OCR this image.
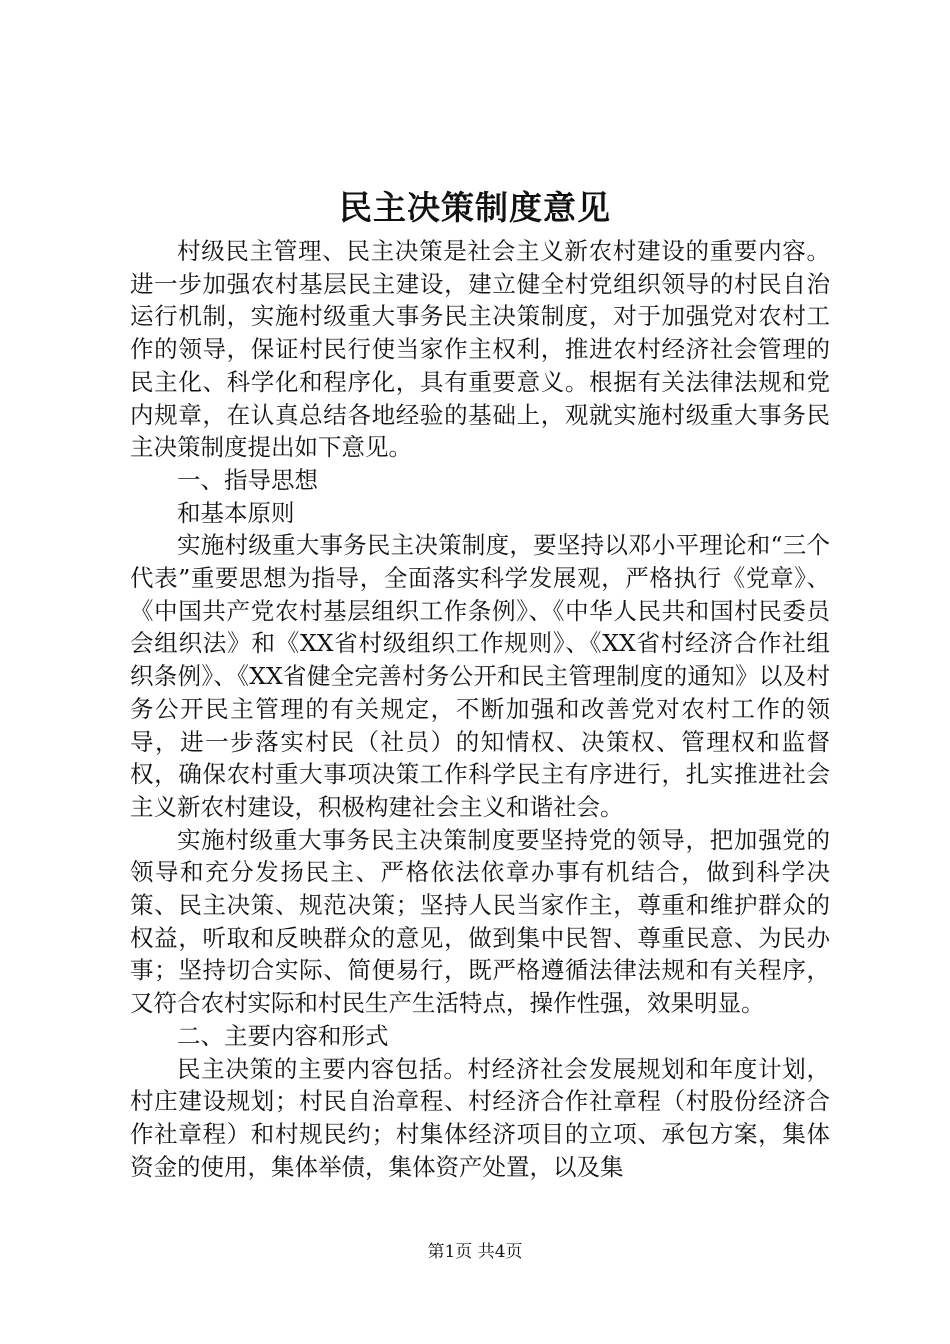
民主决策制度意见

村级民主管理、民主决策是社会主义新农村建设的重要内容。进一步加强农村基层民主建设，建立健全村党组织领导的村民自治运行机制，实施村级重大事务民主决策制度，对于加强党对农村工作的领导，保证村民行使当家作主权利，推进农村经济社会管理的民主化、科学化和程序化，具有重要意义。根据有关法律法规和党内规章，在认真总结各地经验的基础上，观就实施村级重大事务民主决策制度提出如下意见。

一、指导思想

和基本原则

实施村级重大事务民主决策制度，要坚持以邓小平理论和“三个代表”重要思想为指导，全面落实科学发展观，严格执行《党章》、《中国共产党农村基层组织工作条例》、《中华人民共和国村民委员会组织法》和《XX省村级组织工作规则》、《XX省村经济合作社组织条例》、《XX省健全完善村务公开和民主管理制度的通知》以及村务公开民主管理的有关规定，不断加强和改善党对农村工作的领导，进一步落实村民（社员）的知情权、决策权、管理权和监督权，确保农村重大事项决策工作科学民主有序进行，扎实推进社会主义新农村建设，积极构建社会主义和谐社会。

实施村级重大事务民主决策制度要坚持党的领导，把加强党的领导和充分发扬民主、严格依法依章办事有机结合，做到科学决策、民主决策、规范决策；坚持人民当家作主，尊重和维护群众的权益，听取和反映群众的意见，做到集中民智、尊重民意、为民办事；坚持切合实际、简便易行，既严格遵循法律法规和有关程序，又符合农村实际和村民生产生活特点，操作性强，效果明显。

二、主要内容和形式

民主决策的主要内容包括。村经济社会发展规划和年度计划，村庄建设规划；村民自治章程、村经济合作社章程（村股份经济合作社章程）和村规民约；村集体经济项目的立项、承包方案，集体资金的使用，集体举债，集体资产处置，以及集

第1页 共4页
